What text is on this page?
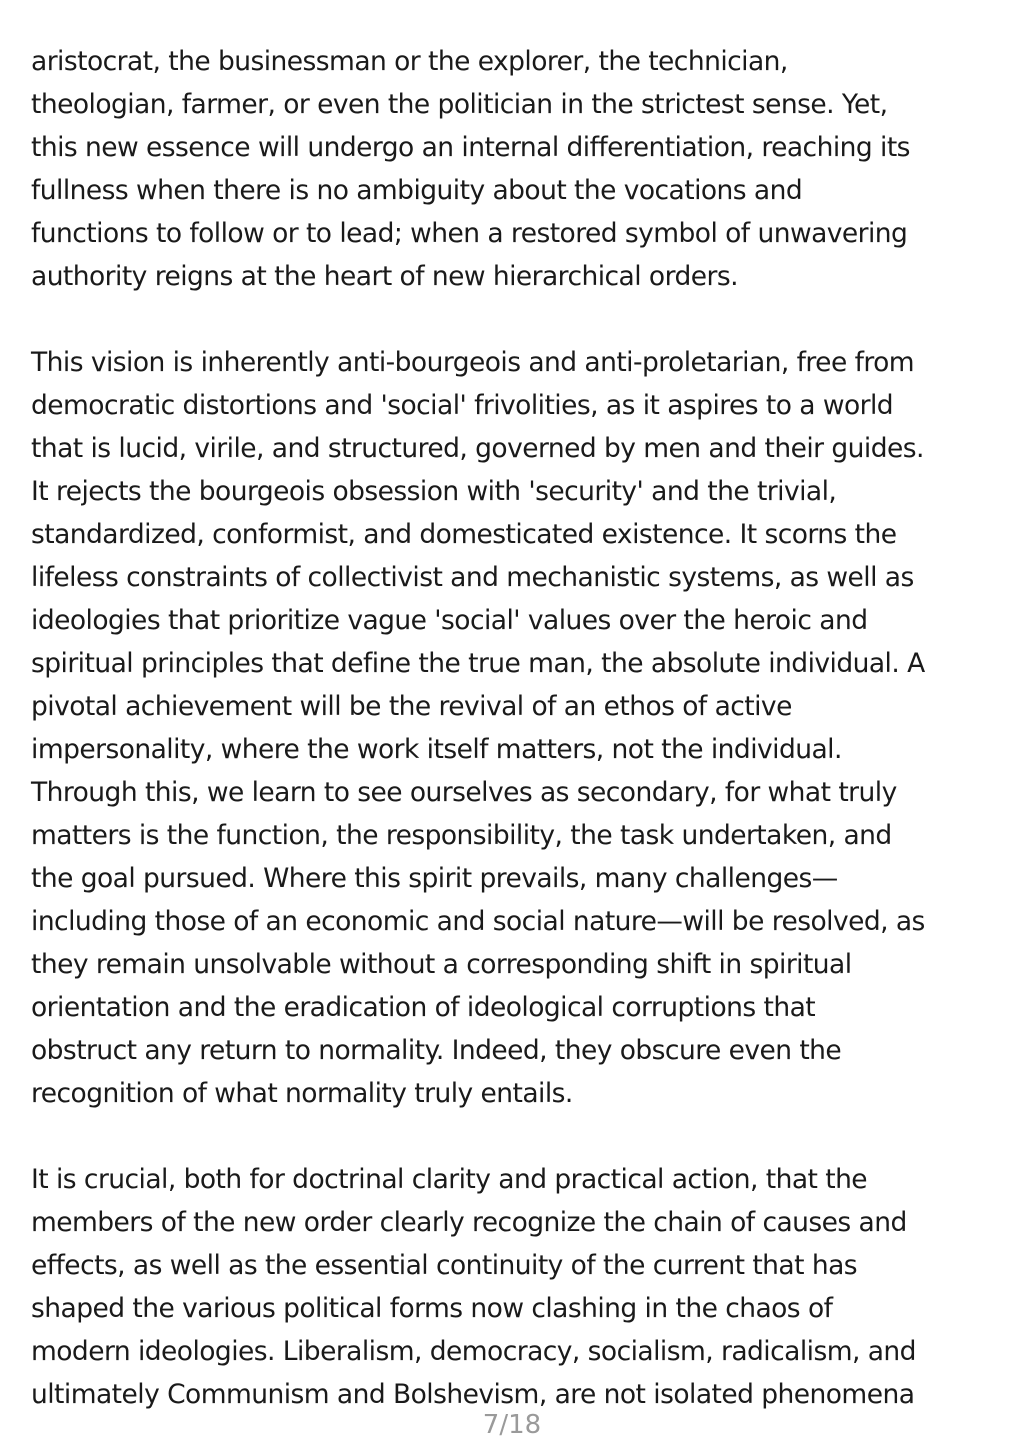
aristocrat, the businessman or the explorer, the technician,
theologian, farmer, or even the politician in the strictest sense. Yet,
this new essence will undergo an internal differentiation, reaching its
fullness when there is no ambiguity about the vocations and
functions to follow or to lead; when a restored symbol of unwavering
authority reigns at the heart of new hierarchical orders.
This vision is inherently anti-bourgeois and anti-proletarian, free from
democratic distortions and 'social' frivolities, as it aspires to a world
that is lucid, virile, and structured, governed by men and their guides.
It rejects the bourgeois obsession with 'security' and the trivial,
standardized, conformist, and domesticated existence. It scorns the
lifeless constraints of collectivist and mechanistic systems, as well as
ideologies that prioritize vague 'social' values over the heroic and
spiritual principles that define the true man, the absolute individual. A
pivotal achievement will be the revival of an ethos of active
impersonality, where the work itself matters, not the individual.
Through this, we learn to see ourselves as secondary, for what truly
matters is the function, the responsibility, the task undertaken, and
the goal pursued. Where this spirit prevails, many challenges—
including those of an economic and social nature—will be resolved, as
they remain unsolvable without a corresponding shift in spiritual
orientation and the eradication of ideological corruptions that
obstruct any return to normality. Indeed, they obscure even the
recognition of what normality truly entails.
It is crucial, both for doctrinal clarity and practical action, that the
members of the new order clearly recognize the chain of causes and
effects, as well as the essential continuity of the current that has
shaped the various political forms now clashing in the chaos of
modern ideologies. Liberalism, democracy, socialism, radicalism, and
ultimately Communism and Bolshevism, are not isolated phenomena
7/18
